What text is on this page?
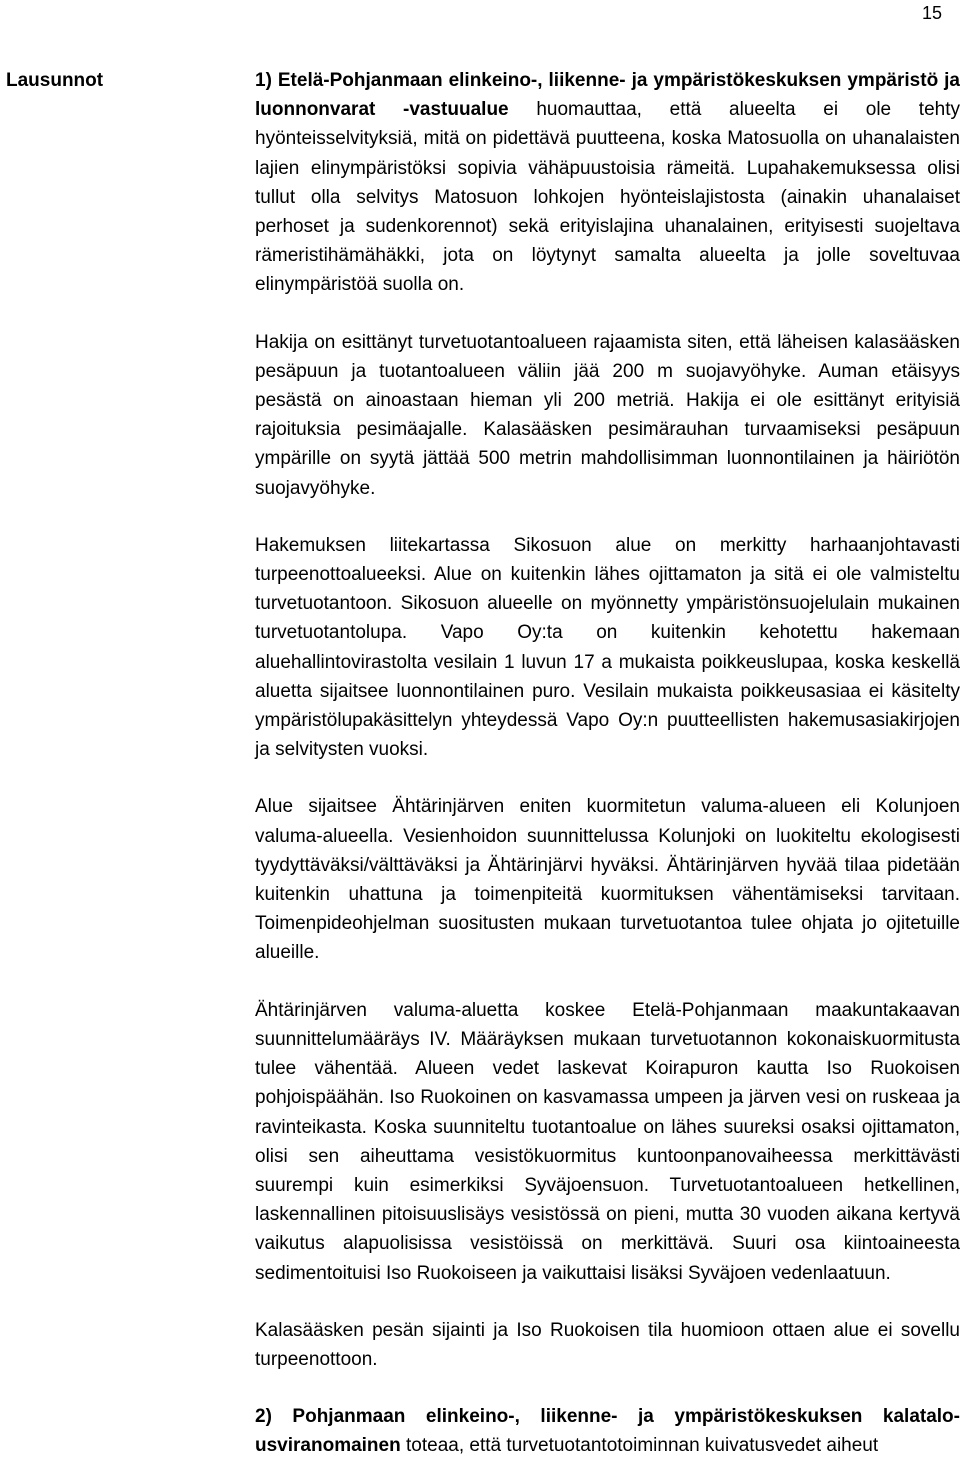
15
Lausunnot	1) Etelä-Pohjanmaan elinkeino-, liikenne- ja ympäristökeskuksen ympäristö ja luonnonvarat -vastuualue huomauttaa, että alueelta ei ole tehty hyönteisselvityksiä, mitä on pidettävä puutteena, koska Matosuolla on uhanalaisten lajien elinympäristöksi sopivia vähäpuustoisia rämeitä. Lupahakemuksessa olisi tullut olla selvitys Matosuon lohkojen hyönteislajistosta (ainakin uhanalaiset perhoset ja sudenkorennot) sekä erityislajina uhanalainen, erityisesti suojeltava rämeristihämähäkki, jota on löytynyt samalta alueelta ja jolle soveltuvaa elinympäristöä suolla on.

Hakija on esittänyt turvetuotantoalueen rajaamista siten, että läheisen kalasääsken pesäpuun ja tuotantoalueen väliin jää 200 m suojavyöhyke. Auman etäisyys pesästä on ainoastaan hieman yli 200 metriä. Hakija ei ole esittänyt erityisiä rajoituksia pesimäajalle. Kalasääsken pesimärauhan turvaamiseksi pesäpuun ympärille on syytä jättää 500 metrin mahdollisimman luonnontilainen ja häiriötön suojavyöhyke.

Hakemuksen liitekartassa Sikosuon alue on merkitty harhaanjohtavasti turpeenottoalueeksi. Alue on kuitenkin lähes ojittamaton ja sitä ei ole valmisteltu turvetuotantoon. Sikosuon alueelle on myönnetty ympäristönsuojelulain mukainen turvetuotantolupa. Vapo Oy:ta on kuitenkin kehotettu hakemaan aluehallintovirastolta vesilain 1 luvun 17 a mukaista poikkeuslupaa, koska keskellä aluetta sijaitsee luonnontilainen puro. Vesilain mukaista poikkeusasiaa ei käsitelty ympäristölupakäsittelyn yhteydessä Vapo Oy:n puutteellisten hakemusasiakirjojen ja selvitysten vuoksi.

Alue sijaitsee Ähtärinjärven eniten kuormitetun valuma-alueen eli Kolunjoen valuma-alueella. Vesienhoidon suunnittelussa Kolunjoki on luokiteltu ekologisesti tyydyttäväksi/välttäväksi ja Ähtärinjärvi hyväksi. Ähtärinjärven hyvää tilaa pidetään kuitenkin uhattuna ja toimenpiteitä kuormituksen vähentämiseksi tarvitaan. Toimenpideohjelman suositusten mukaan turvetuotantoa tulee ohjata jo ojitetuille alueille.

Ähtärinjärven valuma-aluetta koskee Etelä-Pohjanmaan maakuntakaavan suunnittelumääräys IV. Määräyksen mukaan turvetuotannon kokonaiskuormitusta tulee vähentää. Alueen vedet laskevat Koirapuron kautta Iso Ruokoisen pohjoispäähän. Iso Ruokoinen on kasvamassa umpeen ja järven vesi on ruskeaa ja ravinteikasta. Koska suunniteltu tuotantoalue on lähes suureksi osaksi ojittamaton, olisi sen aiheuttama vesistökuormitus kuntoonpanovaiheessa merkittävästi suurempi kuin esimerkiksi Syväjoensuon. Turvetuotantoalueen hetkellinen, laskennallinen pitoisuuslisäys vesistössä on pieni, mutta 30 vuoden aikana kertyvä vaikutus alapuolisissa vesistöissä on merkittävä. Suuri osa kiintoaineesta sedimentoituisi Iso Ruokoiseen ja vaikuttaisi lisäksi Syväjoen vedenlaatuun.

Kalasääsken pesän sijainti ja Iso Ruokoisen tila huomioon ottaen alue ei sovellu turpeenottoon.

2) Pohjanmaan elinkeino-, liikenne- ja ympäristökeskuksen kalatalousviranomainen toteaa, että turvetuotantotoiminnan kuivatusvedet aiheut
